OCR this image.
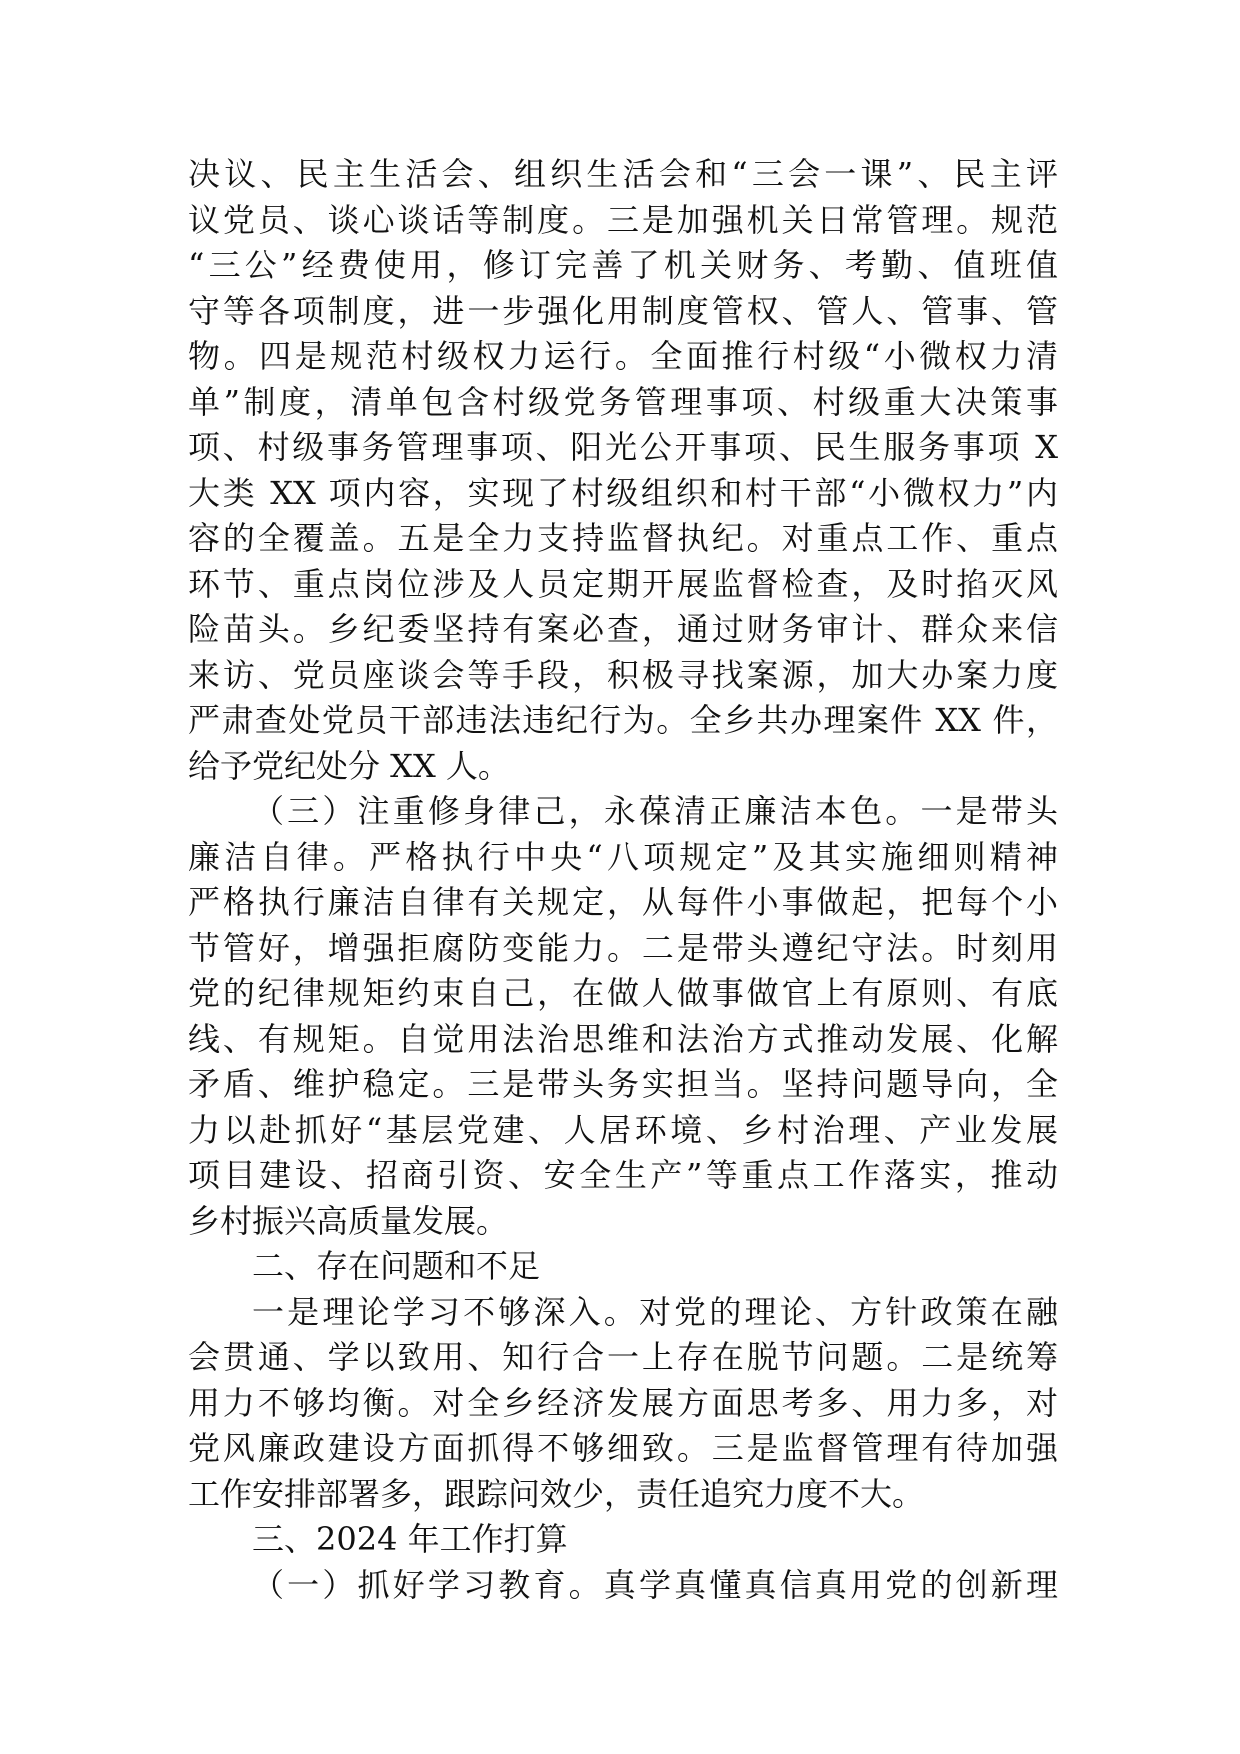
决议、民主生活会、组织生活会和“三会一课”、民主评
议党员、谈心谈话等制度。三是加强机关日常管理。规范
“三公”经费使用，修订完善了机关财务、考勤、值班值
守等各项制度，进一步强化用制度管权、管人、管事、管
物。四是规范村级权力运行。全面推行村级“小微权力清
单”制度，清单包含村级党务管理事项、村级重大决策事
项、村级事务管理事项、阳光公开事项、民生服务事项 X
大类 XX 项内容，实现了村级组织和村干部“小微权力”内
容的全覆盖。五是全力支持监督执纪。对重点工作、重点
环节、重点岗位涉及人员定期开展监督检查，及时掐灭风
险苗头。乡纪委坚持有案必查，通过财务审计、群众来信
来访、党员座谈会等手段，积极寻找案源，加大办案力度
严肃查处党员干部违法违纪行为。全乡共办理案件 XX 件，
给予党纪处分 XX 人。
（三）注重修身律己，永葆清正廉洁本色。一是带头
廉洁自律。严格执行中央“八项规定”及其实施细则精神
严格执行廉洁自律有关规定，从每件小事做起，把每个小
节管好，增强拒腐防变能力。二是带头遵纪守法。时刻用
党的纪律规矩约束自己，在做人做事做官上有原则、有底
线、有规矩。自觉用法治思维和法治方式推动发展、化解
矛盾、维护稳定。三是带头务实担当。坚持问题导向，全
力以赴抓好“基层党建、人居环境、乡村治理、产业发展
项目建设、招商引资、安全生产”等重点工作落实，推动
乡村振兴高质量发展。
二、存在问题和不足
一是理论学习不够深入。对党的理论、方针政策在融
会贯通、学以致用、知行合一上存在脱节问题。二是统筹
用力不够均衡。对全乡经济发展方面思考多、用力多，对
党风廉政建设方面抓得不够细致。三是监督管理有待加强
工作安排部署多，跟踪问效少，责任追究力度不大。
三、2024 年工作打算
（一）抓好学习教育。真学真懂真信真用党的创新理
